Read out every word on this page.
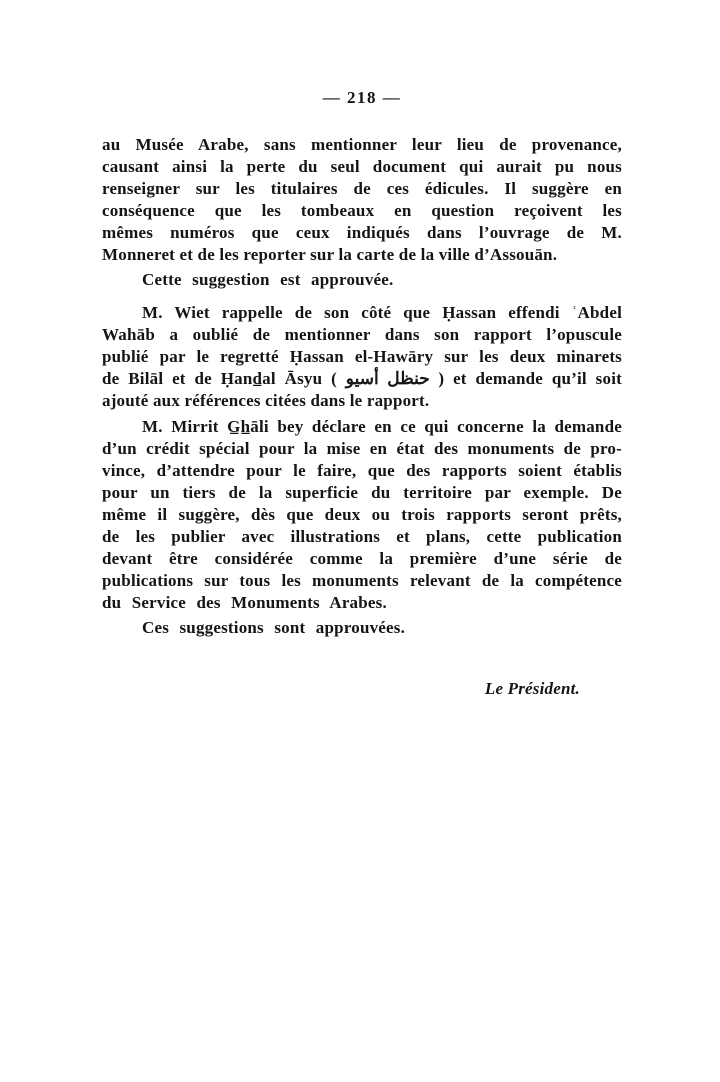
— 218 —
au Musée Arabe, sans mentionner leur lieu de provenance,
causant ainsi la perte du seul document qui aurait pu nous
renseigner sur les titulaires de ces édicules. Il suggère en
conséquence que les tombeaux en question reçoivent les
mêmes numéros que ceux indiqués dans l’ouvrage de M.
Monneret et de les reporter sur la carte de la ville d’Assouān.
Cette suggestion est approuvée.
M. Wiet rappelle de son côté que Ḥassan effendi ʿAbdel
Wahāb a oublié de mentionner dans son rapport l’opuscule
publié par le regretté Ḥassan el-Hawāry sur les deux minarets
de Bilāl et de Ḥand̲al Āsyu ( حنظل أسيو ) et demande qu’il soit
ajouté aux références citées dans le rapport.
M. Mirrit G̲h̲āli bey déclare en ce qui concerne la demande
d’un crédit spécial pour la mise en état des monuments de pro-
vince, d’attendre pour le faire, que des rapports soient établis
pour un tiers de la superficie du territoire par exemple. De
même il suggère, dès que deux ou trois rapports seront prêts,
de les publier avec illustrations et plans, cette publication
devant être considérée comme la première d’une série de
publications sur tous les monuments relevant de la compétence
du Service des Monuments Arabes.
Ces suggestions sont approuvées.
Le Président.
